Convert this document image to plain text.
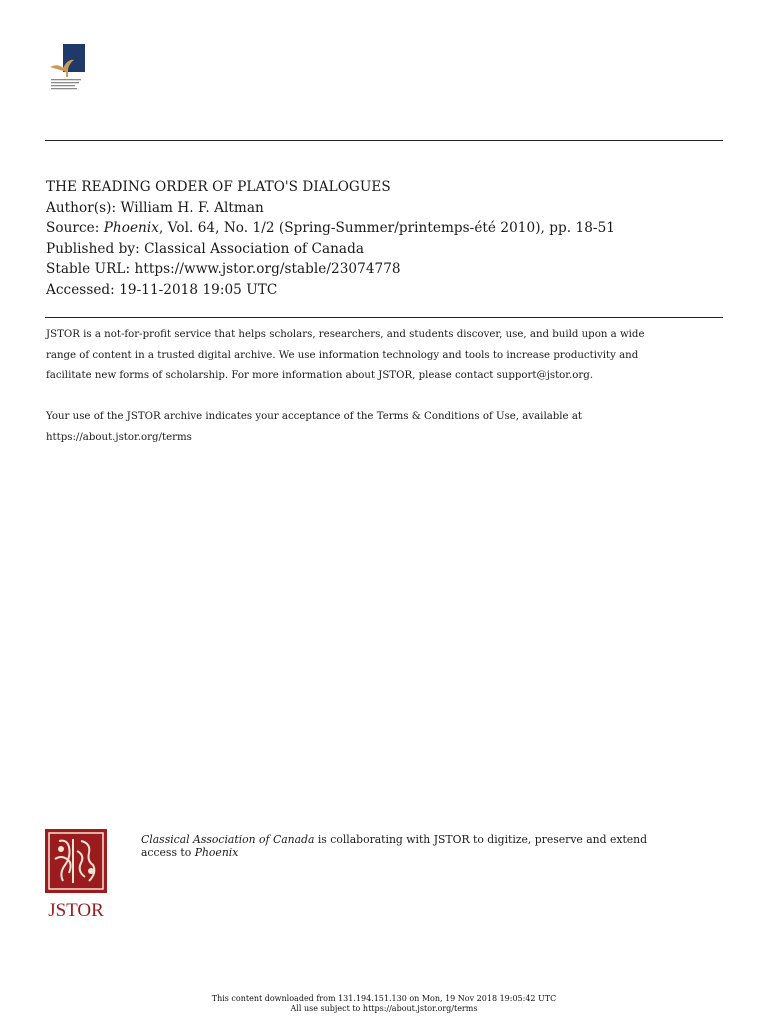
THE READING ORDER OF PLATO'S DIALOGUES
Author(s): William H. F. Altman
Source: Phoenix, Vol. 64, No. 1/2 (Spring-Summer/printemps-été 2010), pp. 18-51
Published by: Classical Association of Canada
Stable URL: https://www.jstor.org/stable/23074778
Accessed: 19-11-2018 19:05 UTC

JSTOR is a not-for-profit service that helps scholars, researchers, and students discover, use, and build upon a wide

range of content in a trusted digital archive. We use information technology and tools to increase productivity and

facilitate new forms of scholarship. For more information about JSTOR, please contact support@jstor.org.

Your use of the JSTOR archive indicates your acceptance of the Terms & Conditions of Use, available at

https://about.jstor.org/terms

JSTOR
Classical Association of Canada is collaborating with JSTOR to digitize, preserve and extend
access to Phoenix
This content downloaded from 131.194.151.130 on Mon, 19 Nov 2018 19:05:42 UTC
All use subject to https://about.jstor.org/terms
